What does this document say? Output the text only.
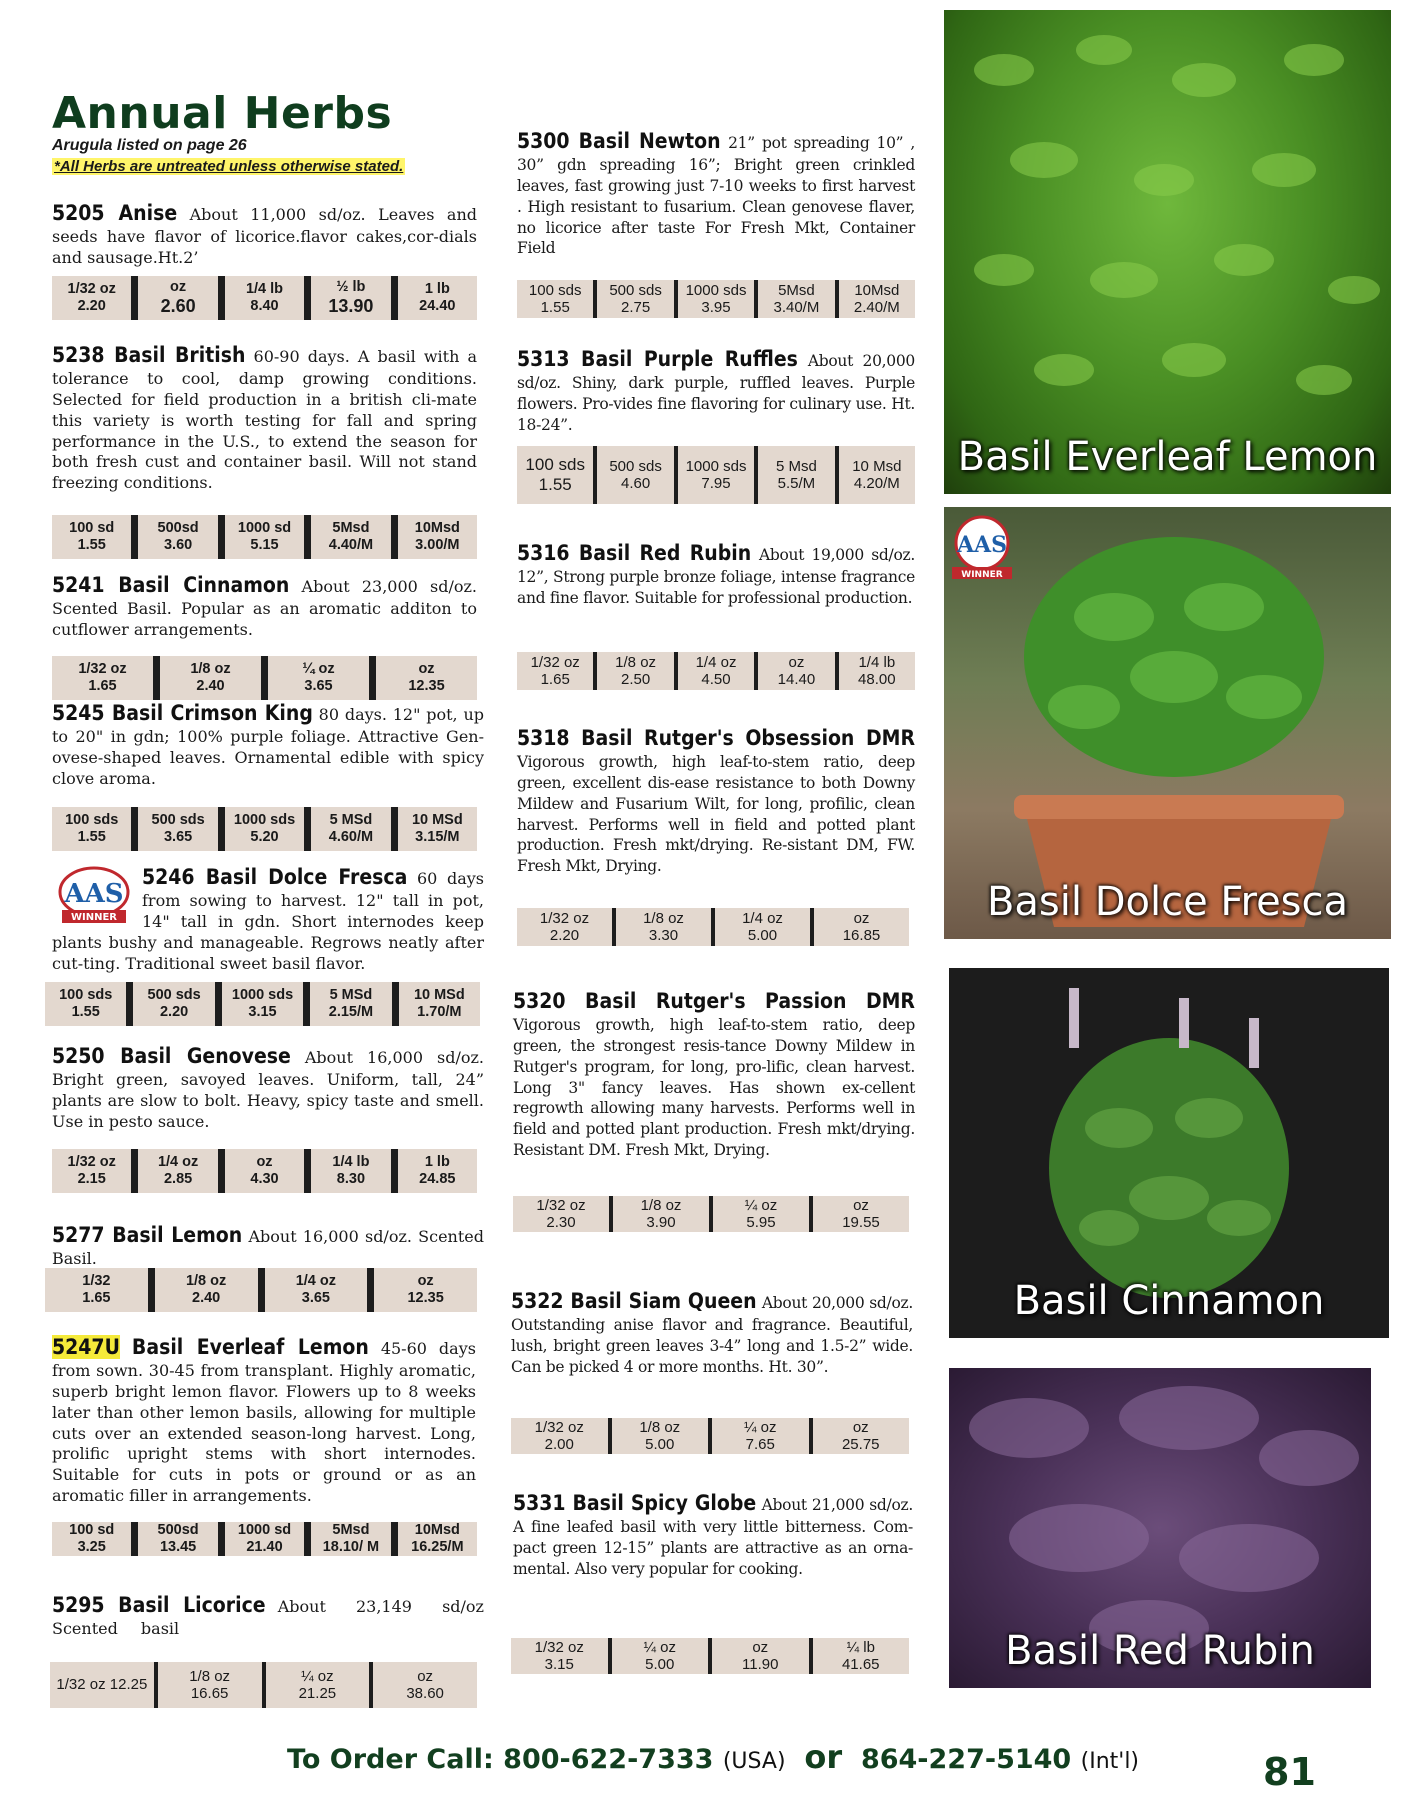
Annual Herbs
Arugula listed on page 26
*All Herbs are untreated unless otherwise stated.
5205 Anise About 11,000 sd/oz. Leaves and seeds have flavor of licorice.flavor cakes,cor-dials and sausage.Ht.2’
1/32 oz
2.20
oz
2.60
1/4 lb
8.40
½ lb
13.90
1 lb
24.40
5238 Basil British 60-90 days. A basil with a tolerance to cool, damp growing conditions. Selected for field production in a british cli-mate this variety is worth testing for fall and spring performance in the U.S., to extend the season for both fresh cust and container basil. Will not stand freezing conditions.
100 sd
1.55
500sd
3.60
1000 sd
5.15
5Msd
4.40/M
10Msd
3.00/M
5241 Basil Cinnamon About 23,000 sd/oz. Scented Basil. Popular as an aromatic additon to cutflower arrangements.
1/32 oz
1.65
1/8 oz
2.40
¼ oz
3.65
oz
12.35
5245 Basil Crimson King 80 days. 12" pot, up to 20" in gdn; 100% purple foliage. Attractive Gen-ovese-shaped leaves. Ornamental edible with spicy clove aroma.
100 sds
1.55
500 sds
3.65
1000 sds
5.20
5 MSd
4.60/M
10 MSd
3.15/M
5246 Basil Dolce Fresca
AAS
WINNER
60 days from sowing to harvest. 12" tall in pot, 14" tall in gdn. Short internodes keep plants bushy and manageable. Regrows neatly after cut-ting. Traditional sweet basil flavor.
100 sds
1.55
500 sds
2.20
1000 sds
3.15
5 MSd
2.15/M
10 MSd
1.70/M
5250 Basil Genovese About 16,000 sd/oz. Bright green, savoyed leaves. Uniform, tall, 24” plants are slow to bolt. Heavy, spicy taste and smell. Use in pesto sauce.
1/32 oz
2.15
1/4 oz
2.85
oz
4.30
1/4 lb
8.30
1 lb
24.85
5277 Basil Lemon About 16,000 sd/oz. Scented Basil.
1/32
1.65
1/8 oz
2.40
1/4 oz
3.65
oz
12.35
5247U Basil Everleaf Lemon 45-60 days from sown. 30-45 from transplant. Highly aromatic, superb bright lemon flavor. Flowers up to 8 weeks later than other lemon basils, allowing for multiple cuts over an extended season-long harvest. Long, prolific upright stems with short internodes. Suitable for cuts in pots or ground or as an aromatic filler in arrangements.
100 sd
3.25
500sd
13.45
1000 sd
21.40
5Msd
18.10/ M
10Msd
16.25/M
5295 Basil Licorice About 23,149 sd/oz Scented basil
1/32 oz 12.25
1/8 oz
16.65
¼ oz
21.25
oz
38.60
5300 Basil Newton 21” pot spreading 10” , 30” gdn spreading 16”; Bright green crinkled leaves, fast growing just 7-10 weeks to first harvest . High resistant to fusarium. Clean genovese flaver, no licorice after taste For Fresh Mkt, Container Field
100 sds
1.55
500 sds
2.75
1000 sds
3.95
5Msd
3.40/M
10Msd
2.40/M
5313 Basil Purple Ruffles About 20,000 sd/oz. Shiny, dark purple, ruffled leaves. Purple flowers. Pro-vides fine flavoring for culinary use. Ht. 18-24”.
100 sds
1.55
500 sds
4.60
1000 sds
7.95
5 Msd
5.5/M
10 Msd
4.20/M
5316 Basil Red Rubin About 19,000 sd/oz. 12”, Strong purple bronze foliage, intense fragrance and fine flavor. Suitable for professional production.
1/32 oz
1.65
1/8 oz
2.50
1/4 oz
4.50
oz
14.40
1/4 lb
48.00
5318 Basil Rutger's Obsession DMR Vigorous growth, high leaf-to-stem ratio, deep green, excellent dis-ease resistance to both Downy Mildew and Fusarium Wilt, for long, profilic, clean harvest. Performs well in field and potted plant production. Fresh mkt/drying. Re-sistant DM, FW. Fresh Mkt, Drying.
1/32 oz
2.20
1/8 oz
3.30
1/4 oz
5.00
oz
16.85
5320 Basil Rutger's Passion DMR Vigorous growth, high leaf-to-stem ratio, deep green, the strongest resis-tance Downy Mildew in Rutger's program, for long, pro-lific, clean harvest. Long 3" fancy leaves. Has shown ex-cellent regrowth allowing many harvests. Performs well in field and potted plant production. Fresh mkt/drying. Resistant DM. Fresh Mkt, Drying.
1/32 oz
2.30
1/8 oz
3.90
¼ oz
5.95
oz
19.55
5322 Basil Siam Queen About 20,000 sd/oz. Outstanding anise flavor and fragrance. Beautiful, lush, bright green leaves 3-4” long and 1.5-2” wide. Can be picked 4 or more months. Ht. 30”.
1/32 oz
2.00
1/8 oz
5.00
¼ oz
7.65
oz
25.75
5331 Basil Spicy Globe About 21,000 sd/oz. A fine leafed basil with very little bitterness. Com-pact green 12-15” plants are attractive as an orna-mental. Also very popular for cooking.
1/32 oz
3.15
¼ oz
5.00
oz
11.90
¼ lb
41.65
Basil Everleaf Lemon
AAS
WINNER
Basil Dolce Fresca
Basil Cinnamon
Basil Red Rubin
To Order Call: 800-622-7333 (USA) or 864-227-5140 (Int'l)	81
